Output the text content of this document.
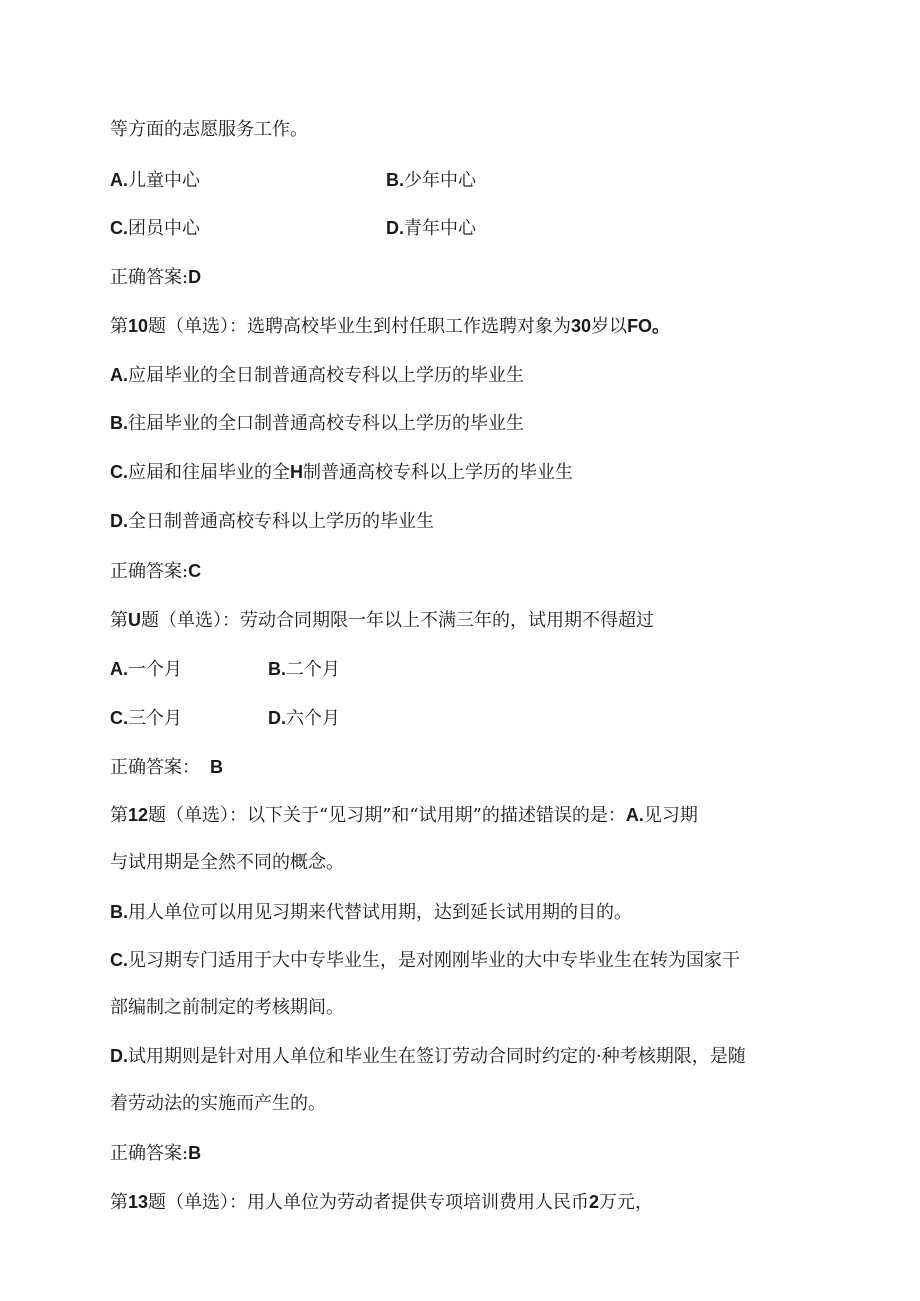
等方面的志愿服务工作。
A.儿童中心	B.少年中心
C.团员中心	D.青年中心
正确答案:D
第10题（单选）：选聘高校毕业生到村任职工作选聘对象为30岁以FO。
A.应届毕业的全日制普通高校专科以上学历的毕业生
B.往届毕业的全口制普通高校专科以上学历的毕业生
C.应届和往届毕业的全H制普通高校专科以上学历的毕业生
D.全日制普通高校专科以上学历的毕业生
正确答案:C
第U题（单选）：劳动合同期限一年以上不满三年的，试用期不得超过
A.一个月	B.二个月
C.三个月	D.六个月
正确答案： B
第12题（单选）：以下关于“见习期”和“试用期”的描述错误的是：A.见习期
与试用期是全然不同的概念。
B.用人单位可以用见习期来代替试用期，达到延长试用期的目的。
C.见习期专门适用于大中专毕业生，是对刚刚毕业的大中专毕业生在转为国家干
部编制之前制定的考核期间。
D.试用期则是针对用人单位和毕业生在签订劳动合同时约定的·种考核期限，是随
着劳动法的实施而产生的。
正确答案:B
第13题（单选）：用人单位为劳动者提供专项培训费用人民币2万元，
